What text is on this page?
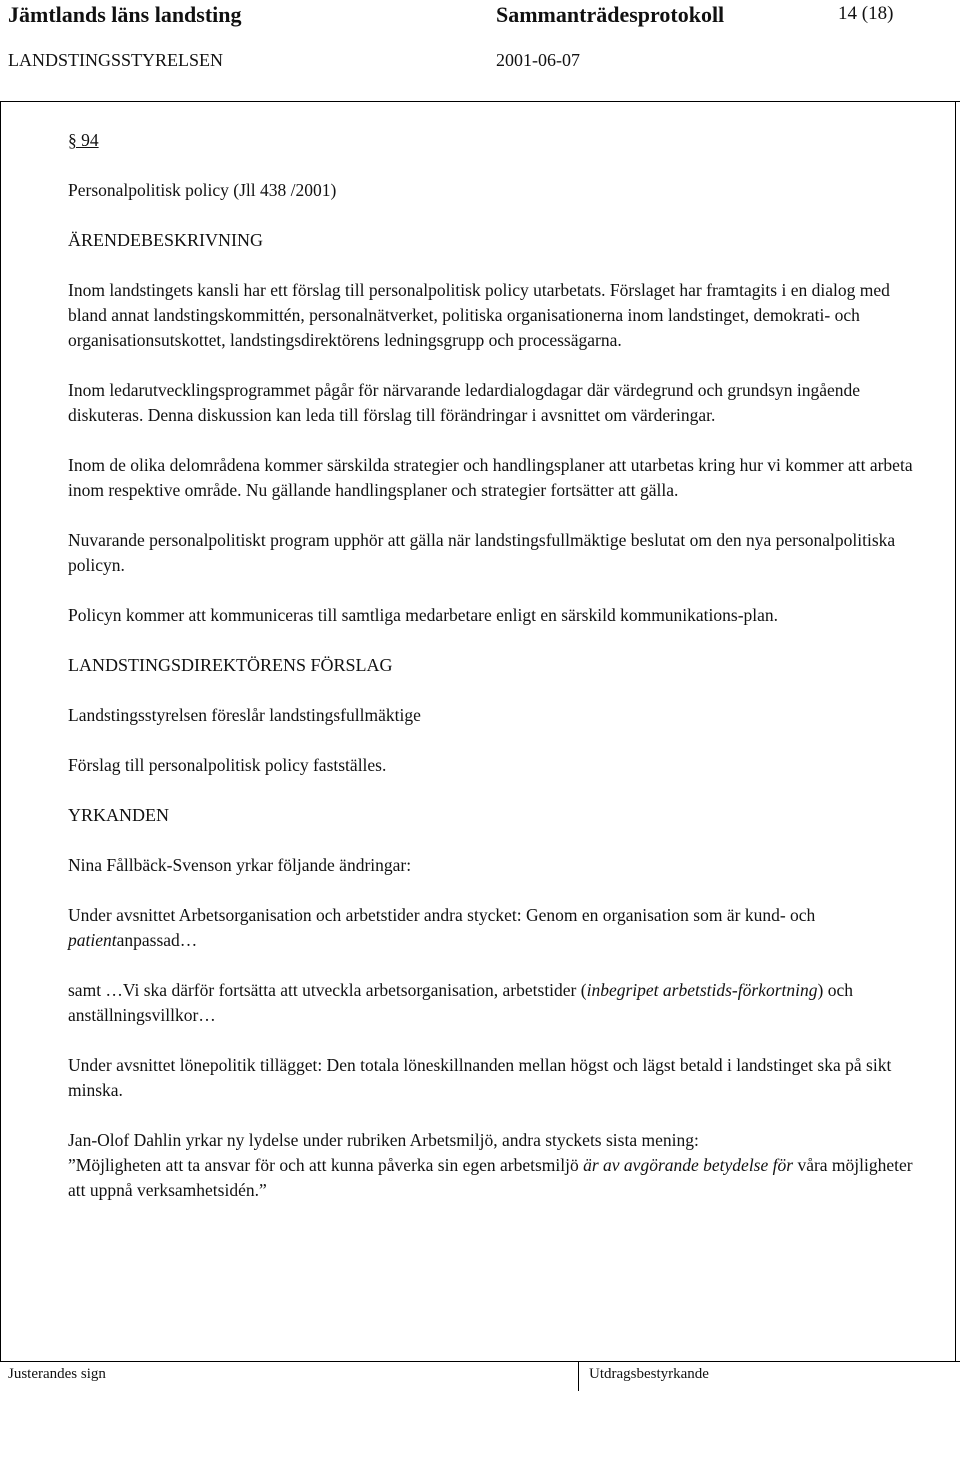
Jämtlands läns landsting	Sammanträdesprotokoll	14 (18)
LANDSTINGSSTYRELSEN	2001-06-07

§ 94

Personalpolitisk policy (Jll 438 /2001)

ÄRENDEBESKRIVNING

Inom landstingets kansli har ett förslag till personalpolitisk policy utarbetats. Förslaget har framtagits i en dialog med bland annat landstingskommittén, personalnätverket, politiska organisationerna inom landstinget, demokrati- och organisationsutskottet, landstingsdirektörens ledningsgrupp och processägarna.

Inom ledarutvecklingsprogrammet pågår för närvarande ledardialogdagar där värdegrund och grundsyn ingående diskuteras. Denna diskussion kan leda till förslag till förändringar i avsnittet om värderingar.

Inom de olika delområdena kommer särskilda strategier och handlingsplaner att utarbetas kring hur vi kommer att arbeta inom respektive område. Nu gällande handlingsplaner och strategier fortsätter att gälla.

Nuvarande personalpolitiskt program upphör att gälla när landstingsfullmäktige beslutat om den nya personalpolitiska policyn.

Policyn kommer att kommuniceras till samtliga medarbetare enligt en särskild kommunikations-plan.

LANDSTINGSDIREKTÖRENS FÖRSLAG

Landstingsstyrelsen föreslår landstingsfullmäktige

Förslag till personalpolitisk policy fastställes.

YRKANDEN

Nina Fållbäck-Svenson yrkar följande ändringar:

Under avsnittet Arbetsorganisation och arbetstider andra stycket: Genom en organisation som är kund- och patientanpassad…

samt …Vi ska därför fortsätta att utveckla arbetsorganisation, arbetstider (inbegripet arbetstids-förkortning) och anställningsvillkor…

Under avsnittet lönepolitik tillägget: Den totala löneskillnanden mellan högst och lägst betald i landstinget ska på sikt minska.

Jan-Olof Dahlin yrkar ny lydelse under rubriken Arbetsmiljö, andra styckets sista mening:

”Möjligheten att ta ansvar för och att kunna påverka sin egen arbetsmiljö är av avgörande betydelse för våra möjligheter att uppnå verksamhetsidén.”

Justerandes sign	Utdragsbestyrkande
